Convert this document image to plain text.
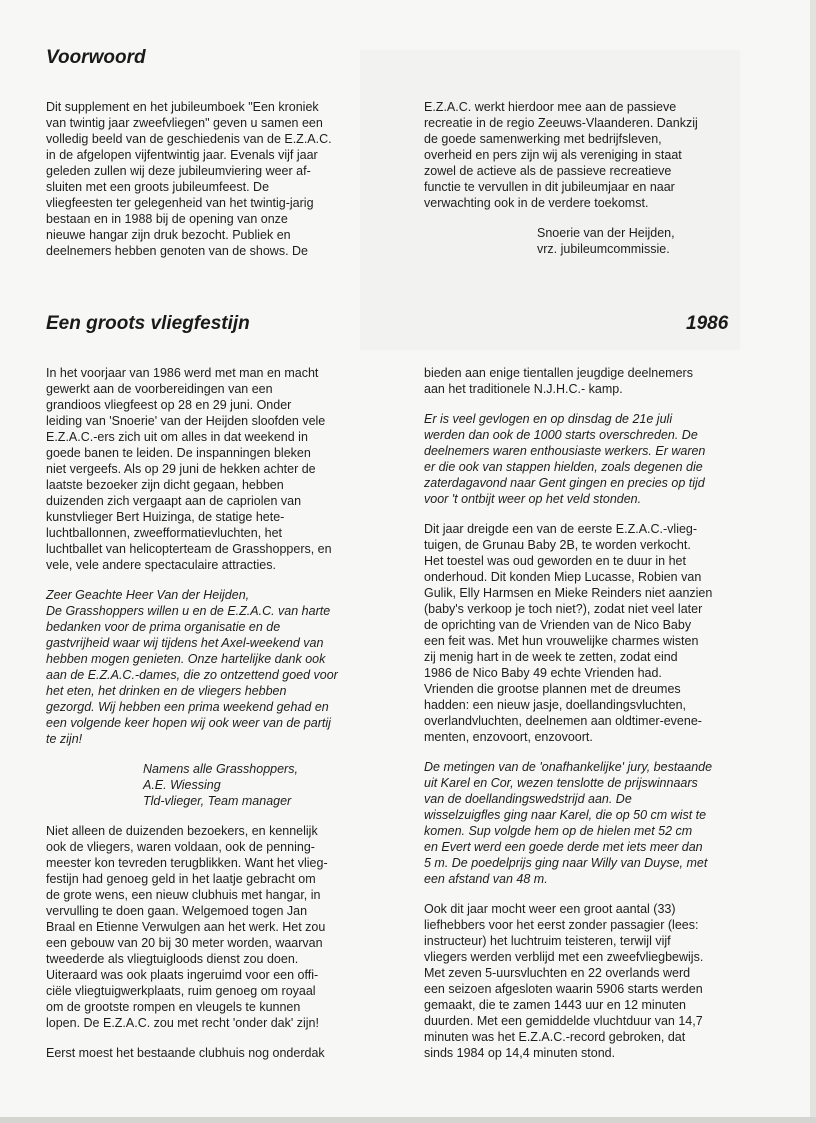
Voorwoord

Dit supplement en het jubileumboek "Een kroniek
van twintig jaar zweefvliegen" geven u samen een
volledig beeld van de geschiedenis van de E.Z.A.C.
in de afgelopen vijfentwintig jaar. Evenals vijf jaar
geleden zullen wij deze jubileumviering weer af-
sluiten met een groots jubileumfeest. De
vliegfeesten ter gelegenheid van het twintig-jarig
bestaan en in 1988 bij de opening van onze
nieuwe hangar zijn druk bezocht. Publiek en
deelnemers hebben genoten van de shows. De

E.Z.A.C. werkt hierdoor mee aan de passieve
recreatie in de regio Zeeuws-Vlaanderen. Dankzij
de goede samenwerking met bedrijfsleven,
overheid en pers zijn wij als vereniging in staat
zowel de actieve als de passieve recreatieve
functie te vervullen in dit jubileumjaar en naar
verwachting ook in de verdere toekomst.

Snoerie van der Heijden,
vrz. jubileumcommissie.

Een groots vliegfestijn	1986

In het voorjaar van 1986 werd met man en macht
gewerkt aan de voorbereidingen van een
grandioos vliegfeest op 28 en 29 juni. Onder
leiding van 'Snoerie' van der Heijden sloofden vele
E.Z.A.C.-ers zich uit om alles in dat weekend in
goede banen te leiden. De inspanningen bleken
niet vergeefs. Als op 29 juni de hekken achter de
laatste bezoeker zijn dicht gegaan, hebben
duizenden zich vergaapt aan de capriolen van
kunstvlieger Bert Huizinga, de statige hete-
luchtballonnen, zweefformatievluchten, het
luchtballet van helicopterteam de Grasshoppers, en
vele, vele andere spectaculaire attracties.

Zeer Geachte Heer Van der Heijden,
De Grasshoppers willen u en de E.Z.A.C. van harte
bedanken voor de prima organisatie en de
gastvrijheid waar wij tijdens het Axel-weekend van
hebben mogen genieten. Onze hartelijke dank ook
aan de E.Z.A.C.-dames, die zo ontzettend goed voor
het eten, het drinken en de vliegers hebben
gezorgd. Wij hebben een prima weekend gehad en
een volgende keer hopen wij ook weer van de partij
te zijn!

Namens alle Grasshoppers,
A.E. Wiessing
Tld-vlieger, Team manager

Niet alleen de duizenden bezoekers, en kennelijk
ook de vliegers, waren voldaan, ook de penning-
meester kon tevreden terugblikken. Want het vlieg-
festijn had genoeg geld in het laatje gebracht om
de grote wens, een nieuw clubhuis met hangar, in
vervulling te doen gaan. Welgemoed togen Jan
Braal en Etienne Verwulgen aan het werk. Het zou
een gebouw van 20 bij 30 meter worden, waarvan
tweederde als vliegtuigloods dienst zou doen.
Uiteraard was ook plaats ingeruimd voor een offi-
ciële vliegtuigwerkplaats, ruim genoeg om royaal
om de grootste rompen en vleugels te kunnen
lopen. De E.Z.A.C. zou met recht 'onder dak' zijn!

Eerst moest het bestaande clubhuis nog onderdak

bieden aan enige tientallen jeugdige deelnemers
aan het traditionele N.J.H.C.- kamp.

Er is veel gevlogen en op dinsdag de 21e juli
werden dan ook de 1000 starts overschreden. De
deelnemers waren enthousiaste werkers. Er waren
er die ook van stappen hielden, zoals degenen die
zaterdagavond naar Gent gingen en precies op tijd
voor 't ontbijt weer op het veld stonden.

Dit jaar dreigde een van de eerste E.Z.A.C.-vlieg-
tuigen, de Grunau Baby 2B, te worden verkocht.
Het toestel was oud geworden en te duur in het
onderhoud. Dit konden Miep Lucasse, Robien van
Gulik, Elly Harmsen en Mieke Reinders niet aanzien
(baby's verkoop je toch niet?), zodat niet veel later
de oprichting van de Vrienden van de Nico Baby
een feit was. Met hun vrouwelijke charmes wisten
zij menig hart in de week te zetten, zodat eind
1986 de Nico Baby 49 echte Vrienden had.
Vrienden die grootse plannen met de dreumes
hadden: een nieuw jasje, doellandingsvluchten,
overlandvluchten, deelnemen aan oldtimer-evene-
menten, enzovoort, enzovoort.

De metingen van de 'onafhankelijke' jury, bestaande
uit Karel en Cor, wezen tenslotte de prijswinnaars
van de doellandingswedstrijd aan. De
wisselzuigfles ging naar Karel, die op 50 cm wist te
komen. Sup volgde hem op de hielen met 52 cm
en Evert werd een goede derde met iets meer dan
5 m. De poedelprijs ging naar Willy van Duyse, met
een afstand van 48 m.

Ook dit jaar mocht weer een groot aantal (33)
liefhebbers voor het eerst zonder passagier (lees:
instructeur) het luchtruim teisteren, terwijl vijf
vliegers werden verblijd met een zweefvliegbewijs.
Met zeven 5-uursvluchten en 22 overlands werd
een seizoen afgesloten waarin 5906 starts werden
gemaakt, die te zamen 1443 uur en 12 minuten
duurden. Met een gemiddelde vluchtduur van 14,7
minuten was het E.Z.A.C.-record gebroken, dat
sinds 1984 op 14,4 minuten stond.
